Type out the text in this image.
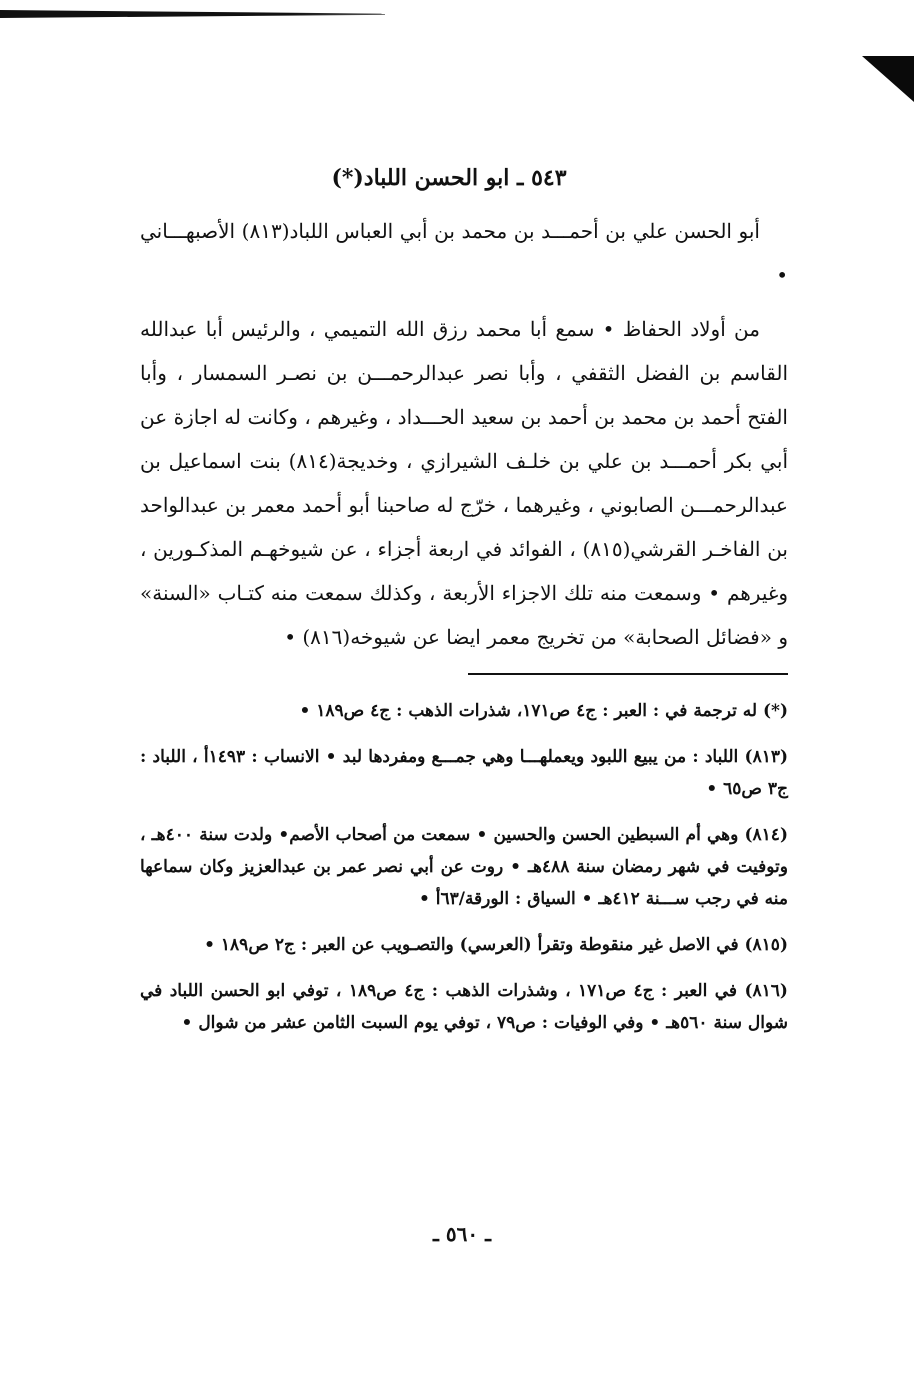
٥٤٣ ـ ابو الحسن اللباد(*)

أبو الحسن علي بن أحمـــد بن محمد بن أبي العباس اللباد(٨١٣) الأصبهـــاني •

من أولاد الحفاظ • سمع أبا محمد رزق الله التميمي ، والرئيس أبا عبدالله القاسم بن الفضل الثقفي ، وأبا نصر عبدالرحمـــن بن نصـر السمسار ، وأبا الفتح أحمد بن محمد بن أحمد بن سعيد الحـــداد ، وغيرهم ، وكانت له اجازة عن أبي بكر أحمـــد بن علي بن خلـف الشيرازي ، وخديجة(٨١٤) بنت اسماعيل بن عبدالرحمـــن الصابوني ، وغيرهما ، خرّج له صاحبنا أبو أحمد معمر بن عبدالواحد بن الفاخـر القرشي(٨١٥) ، الفوائد في اربعة أجزاء ، عن شيوخهـم المذكـورين ، وغيرهم • وسمعت منه تلك الاجزاء الأربعة ، وكذلك سمعت منه كتـاب «السنة» و «فضائل الصحابة» من تخريج معمر ايضا عن شيوخه(٨١٦) •

(*) له ترجمة في : العبر : ج٤ ص١٧١، شذرات الذهب : ج٤ ص١٨٩ •

(٨١٣) اللباد : من يبيع اللبود ويعملهـــا وهي جمـــع ومفردها لبد • الانساب : ١٤٩٣أ ، اللباد : ج٣ ص٦٥ •

(٨١٤) وهي أم السبطين الحسن والحسين • سمعت من أصحاب الأصم• ولدت سنة ٤٠٠هـ ، وتوفيت في شهر رمضان سنة ٤٨٨هـ • روت عن أبي نصر عمر بن عبدالعزيز وكان سماعها منه في رجب ســـنة ٤١٢هـ • السياق : الورقة/٦٣أ •

(٨١٥) في الاصل غير منقوطة وتقرأ (العرسي) والتصـويب عن العبر : ج٢ ص١٨٩ •

(٨١٦) في العبر : ج٤ ص١٧١ ، وشذرات الذهب : ج٤ ص١٨٩ ، توفي ابو الحسن اللباد في شوال سنة ٥٦٠هـ • وفي الوفيات : ص٧٩ ، توفي يوم السبت الثامن عشر من شوال •

ـ ٥٦٠ ـ
